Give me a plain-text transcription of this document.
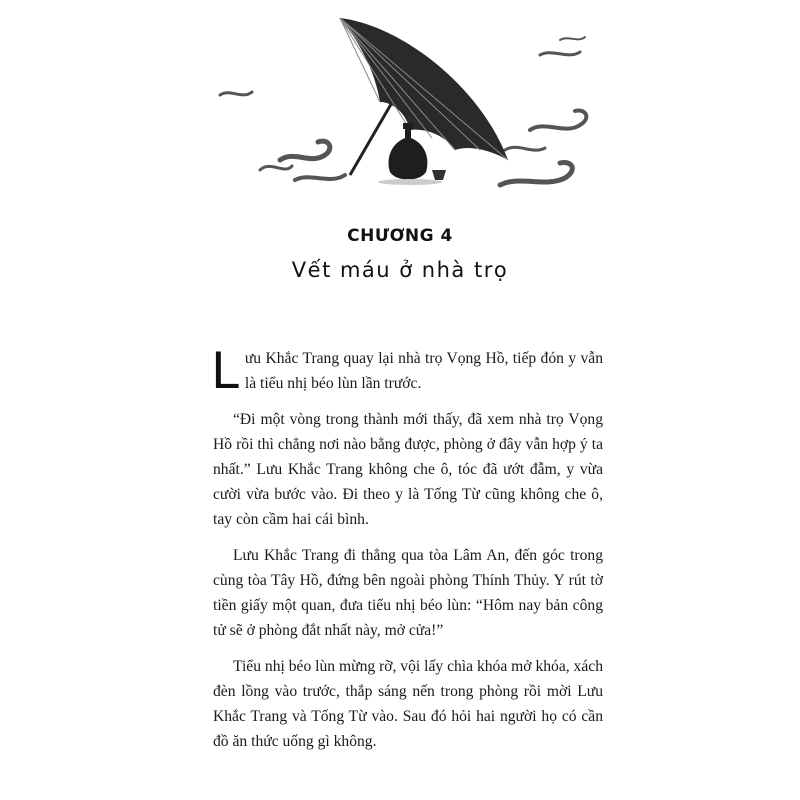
CHƯƠNG 4
Vết máu ở nhà trọ

Lưu Khắc Trang quay lại nhà trọ Vọng Hồ, tiếp đón y vẫn là tiểu nhị béo lùn lần trước.

“Đi một vòng trong thành mới thấy, đã xem nhà trọ Vọng Hồ rồi thì chẳng nơi nào bằng được, phòng ở đây vẫn hợp ý ta nhất.” Lưu Khắc Trang không che ô, tóc đã ướt đẫm, y vừa cười vừa bước vào. Đi theo y là Tống Từ cũng không che ô, tay còn cầm hai cái bình.

Lưu Khắc Trang đi thẳng qua tòa Lâm An, đến góc trong cùng tòa Tây Hồ, đứng bên ngoài phòng Thính Thủy. Y rút tờ tiền giấy một quan, đưa tiểu nhị béo lùn: “Hôm nay bản công tử sẽ ở phòng đắt nhất này, mở cửa!”

Tiểu nhị béo lùn mừng rỡ, vội lấy chìa khóa mở khóa, xách đèn lồng vào trước, thắp sáng nến trong phòng rồi mời Lưu Khắc Trang và Tống Từ vào. Sau đó hỏi hai người họ có cần đồ ăn thức uống gì không.
